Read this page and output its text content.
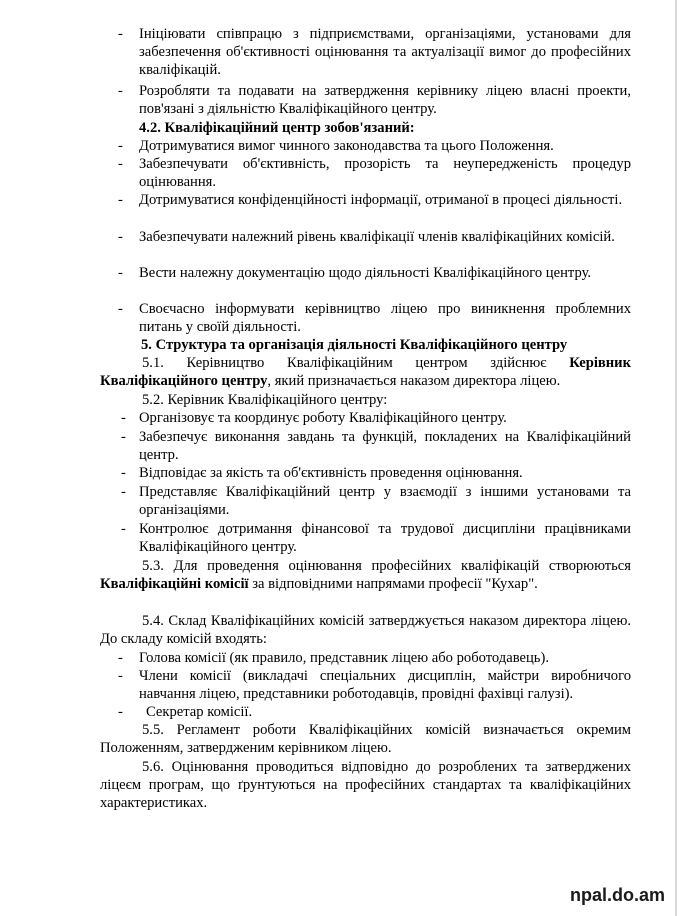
- Ініціювати співпрацю з підприємствами, організаціями, установами для забезпечення об'єктивності оцінювання та актуалізації вимог до професійних кваліфікацій.
- Розробляти та подавати на затвердження керівнику ліцею власні проекти, пов'язані з діяльністю Кваліфікаційного центру.
4.2. Кваліфікаційний центр зобов'язаний:
- Дотримуватися вимог чинного законодавства та цього Положення.
- Забезпечувати об'єктивність, прозорість та неупередженість процедур оцінювання.
- Дотримуватися конфіденційності інформації, отриманої в процесі діяльності.
- Забезпечувати належний рівень кваліфікації членів кваліфікаційних комісій.
- Вести належну документацію щодо діяльності Кваліфікаційного центру.
- Своєчасно інформувати керівництво ліцею про виникнення проблемних питань у своїй діяльності.
5. Структура та організація діяльності Кваліфікаційного центру
5.1. Керівництво Кваліфікаційним центром здійснює Керівник Кваліфікаційного центру, який призначається наказом директора ліцею.
5.2. Керівник Кваліфікаційного центру:
- Організовує та координує роботу Кваліфікаційного центру.
- Забезпечує виконання завдань та функцій, покладених на Кваліфікаційний центр.
- Відповідає за якість та об'єктивність проведення оцінювання.
- Представляє Кваліфікаційний центр у взаємодії з іншими установами та організаціями.
- Контролює дотримання фінансової та трудової дисципліни працівниками Кваліфікаційного центру.
5.3. Для проведення оцінювання професійних кваліфікацій створюються Кваліфікаційні комісії за відповідними напрямами професії "Кухар".
5.4. Склад Кваліфікаційних комісій затверджується наказом директора ліцею. До складу комісій входять:
- Голова комісії (як правило, представник ліцею або роботодавець).
- Члени комісії (викладачі спеціальних дисциплін, майстри виробничого навчання ліцею, представники роботодавців, провідні фахівці галузі).
- Секретар комісії.
5.5. Регламент роботи Кваліфікаційних комісій визначається окремим Положенням, затвердженим керівником ліцею.
5.6. Оцінювання проводиться відповідно до розроблених та затверджених ліцеєм програм, що ґрунтуються на професійних стандартах та кваліфікаційних характеристиках.
npal.do.am
